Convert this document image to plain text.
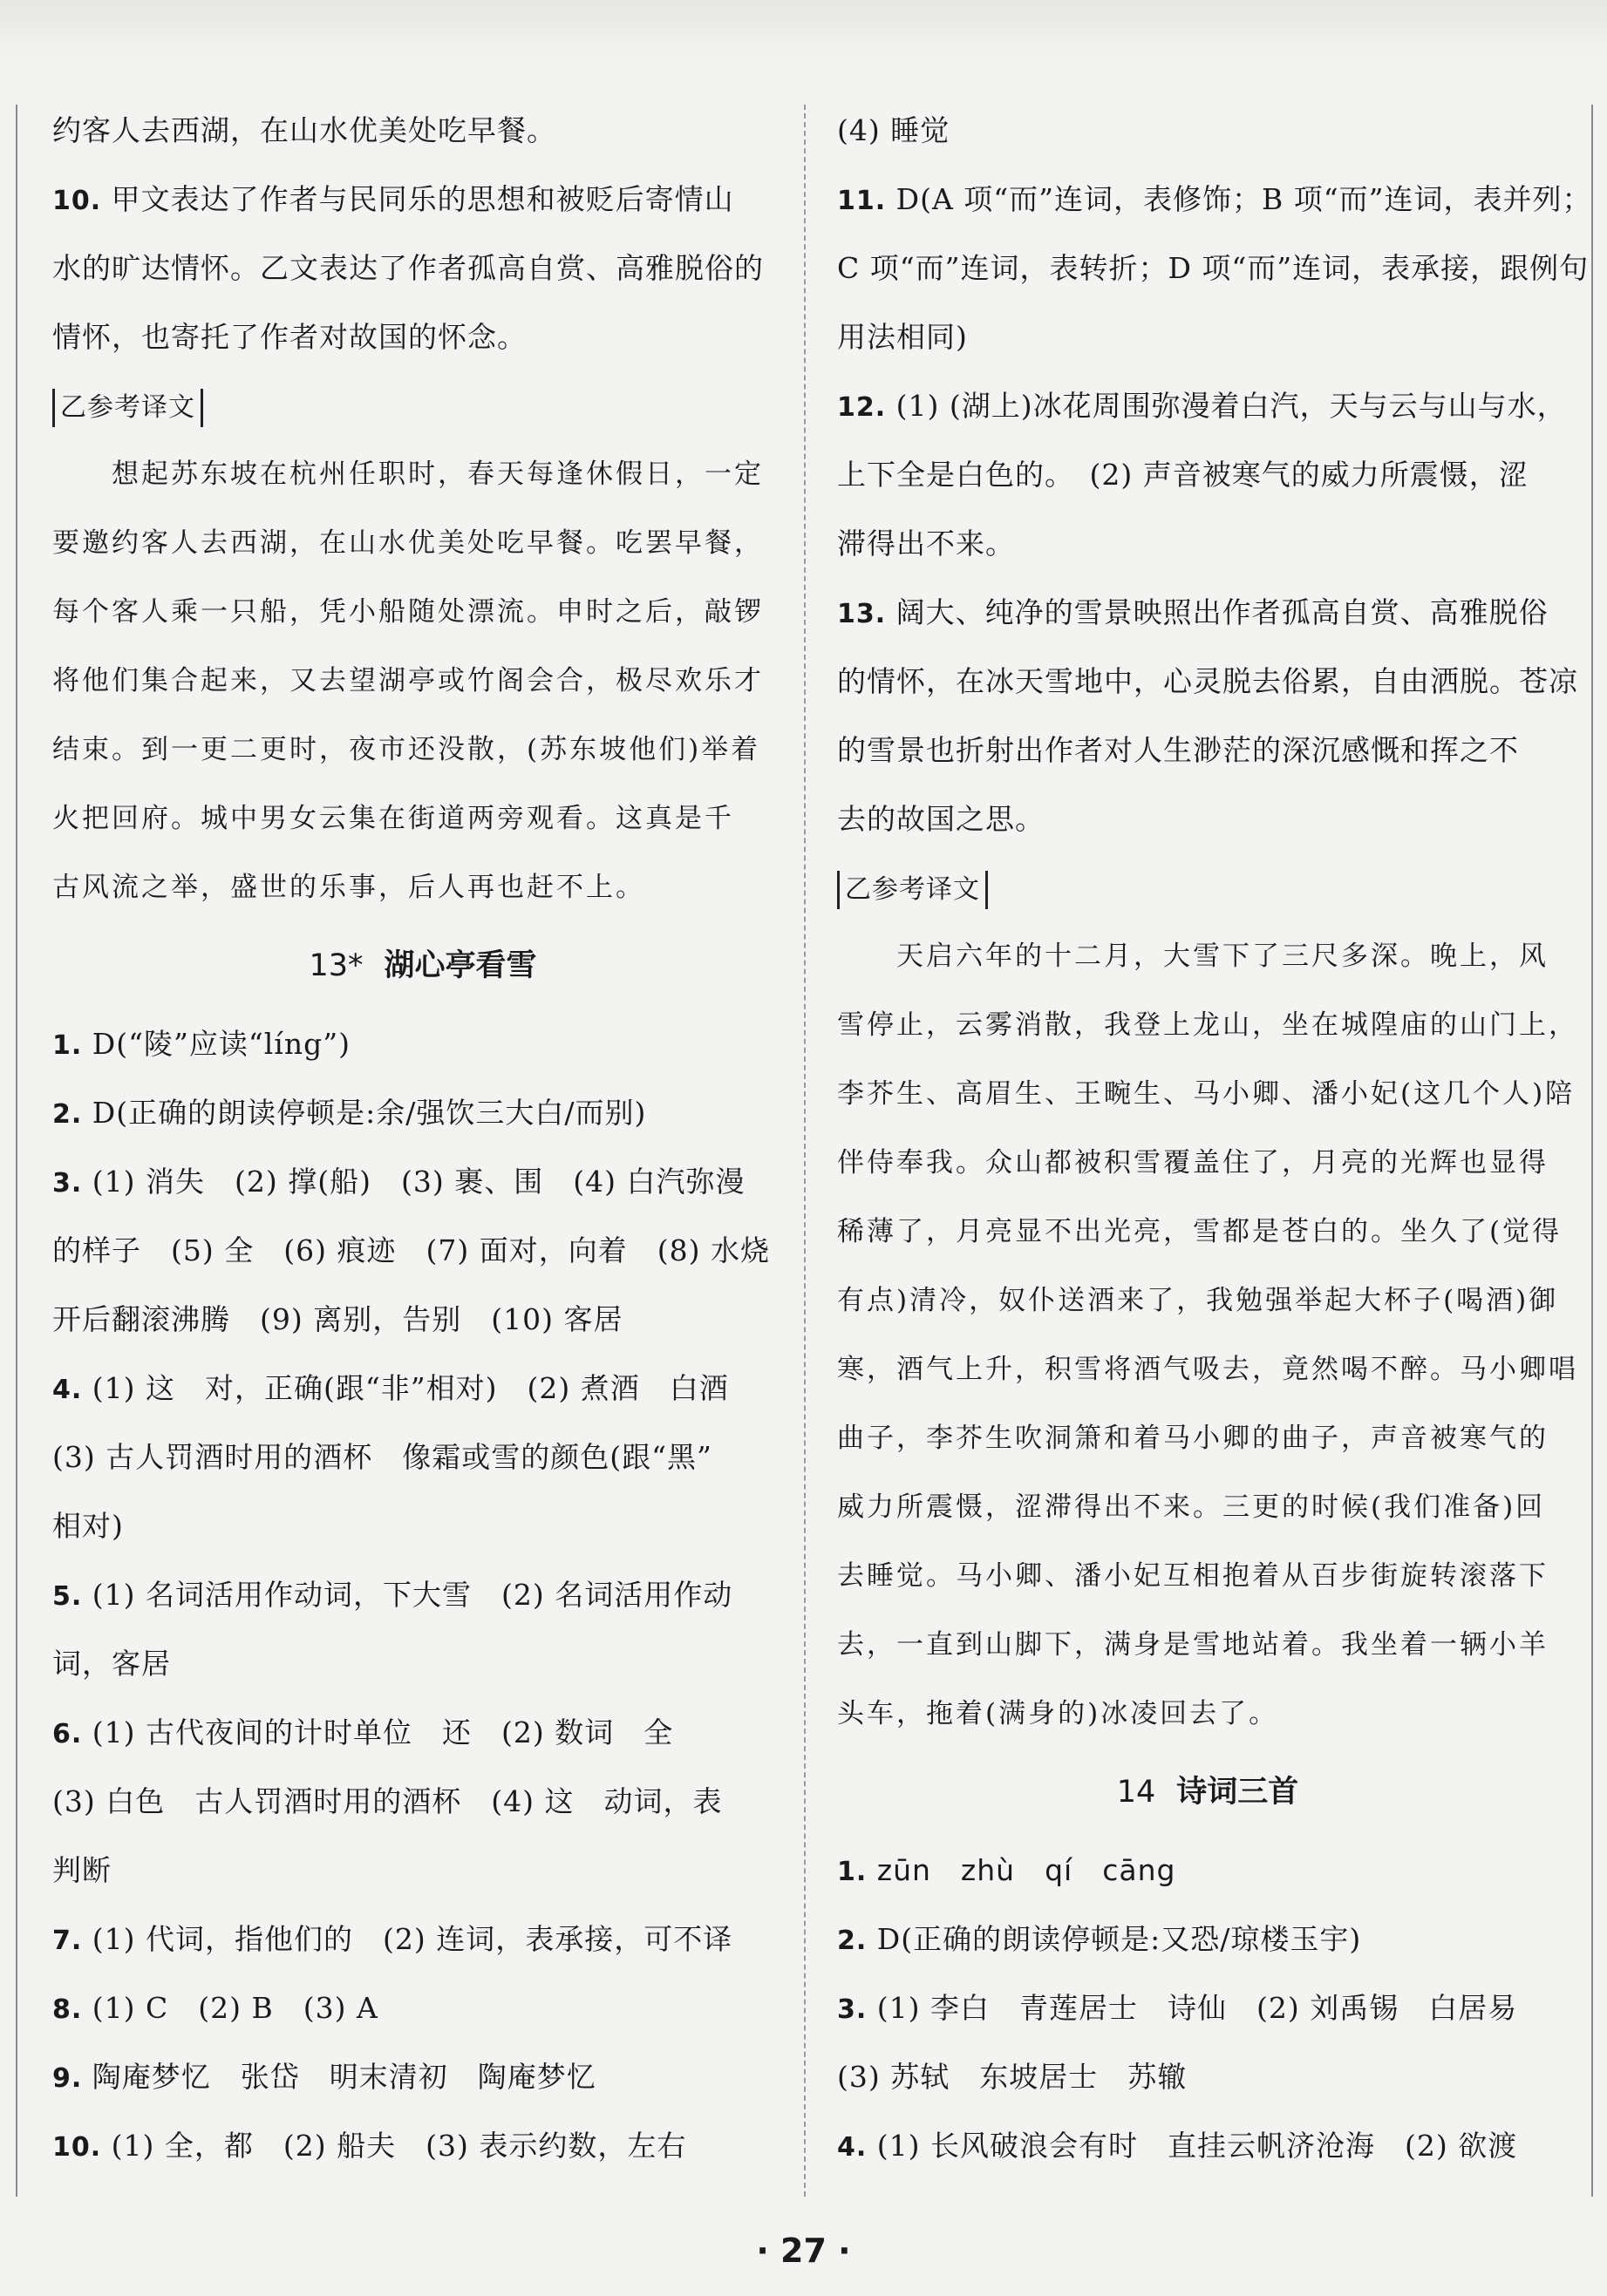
约客人去西湖，在山水优美处吃早餐。
10. 甲文表达了作者与民同乐的思想和被贬后寄情山
水的旷达情怀。乙文表达了作者孤高自赏、高雅脱俗的
情怀，也寄托了作者对故国的怀念。
乙参考译文
　　想起苏东坡在杭州任职时，春天每逢休假日，一定
要邀约客人去西湖，在山水优美处吃早餐。吃罢早餐，
每个客人乘一只船，凭小船随处漂流。申时之后，敲锣
将他们集合起来，又去望湖亭或竹阁会合，极尽欢乐才
结束。到一更二更时，夜市还没散，(苏东坡他们)举着
火把回府。城中男女云集在街道两旁观看。这真是千
古风流之举，盛世的乐事，后人再也赶不上。
13* 湖心亭看雪
1. D(“陵”应读“líng”)
2. D(正确的朗读停顿是:余/强饮三大白/而别)
3. (1) 消失　(2) 撑(船)　(3) 裹、围　(4) 白汽弥漫
的样子　(5) 全　(6) 痕迹　(7) 面对，向着　(8) 水烧
开后翻滚沸腾　(9) 离别，告别　(10) 客居
4. (1) 这　对，正确(跟“非”相对)　(2) 煮酒　白酒
(3) 古人罚酒时用的酒杯　像霜或雪的颜色(跟“黑”
相对)
5. (1) 名词活用作动词，下大雪　(2) 名词活用作动
词，客居
6. (1) 古代夜间的计时单位　还　(2) 数词　全
(3) 白色　古人罚酒时用的酒杯　(4) 这　动词，表
判断
7. (1) 代词，指他们的　(2) 连词，表承接，可不译
8. (1) C　(2) B　(3) A
9. 陶庵梦忆　张岱　明末清初　陶庵梦忆
10. (1) 全，都　(2) 船夫　(3) 表示约数，左右
(4) 睡觉
11. D(A 项“而”连词，表修饰；B 项“而”连词，表并列；
C 项“而”连词，表转折；D 项“而”连词，表承接，跟例句
用法相同)
12. (1) (湖上)冰花周围弥漫着白汽，天与云与山与水，
上下全是白色的。　(2) 声音被寒气的威力所震慑，涩
滞得出不来。
13. 阔大、纯净的雪景映照出作者孤高自赏、高雅脱俗
的情怀，在冰天雪地中，心灵脱去俗累，自由洒脱。苍凉
的雪景也折射出作者对人生渺茫的深沉感慨和挥之不
去的故国之思。
乙参考译文
　　天启六年的十二月，大雪下了三尺多深。晚上，风
雪停止，云雾消散，我登上龙山，坐在城隍庙的山门上，
李芥生、高眉生、王畹生、马小卿、潘小妃(这几个人)陪
伴侍奉我。众山都被积雪覆盖住了，月亮的光辉也显得
稀薄了，月亮显不出光亮，雪都是苍白的。坐久了(觉得
有点)清冷，奴仆送酒来了，我勉强举起大杯子(喝酒)御
寒，酒气上升，积雪将酒气吸去，竟然喝不醉。马小卿唱
曲子，李芥生吹洞箫和着马小卿的曲子，声音被寒气的
威力所震慑，涩滞得出不来。三更的时候(我们准备)回
去睡觉。马小卿、潘小妃互相抱着从百步街旋转滚落下
去，一直到山脚下，满身是雪地站着。我坐着一辆小羊
头车，拖着(满身的)冰凌回去了。
14 诗词三首
1. zūn　zhù　qí　cāng
2. D(正确的朗读停顿是:又恐/琼楼玉宇)
3. (1) 李白　青莲居士　诗仙　(2) 刘禹锡　白居易
(3) 苏轼　东坡居士　苏辙
4. (1) 长风破浪会有时　直挂云帆济沧海　(2) 欲渡
· 27 ·
